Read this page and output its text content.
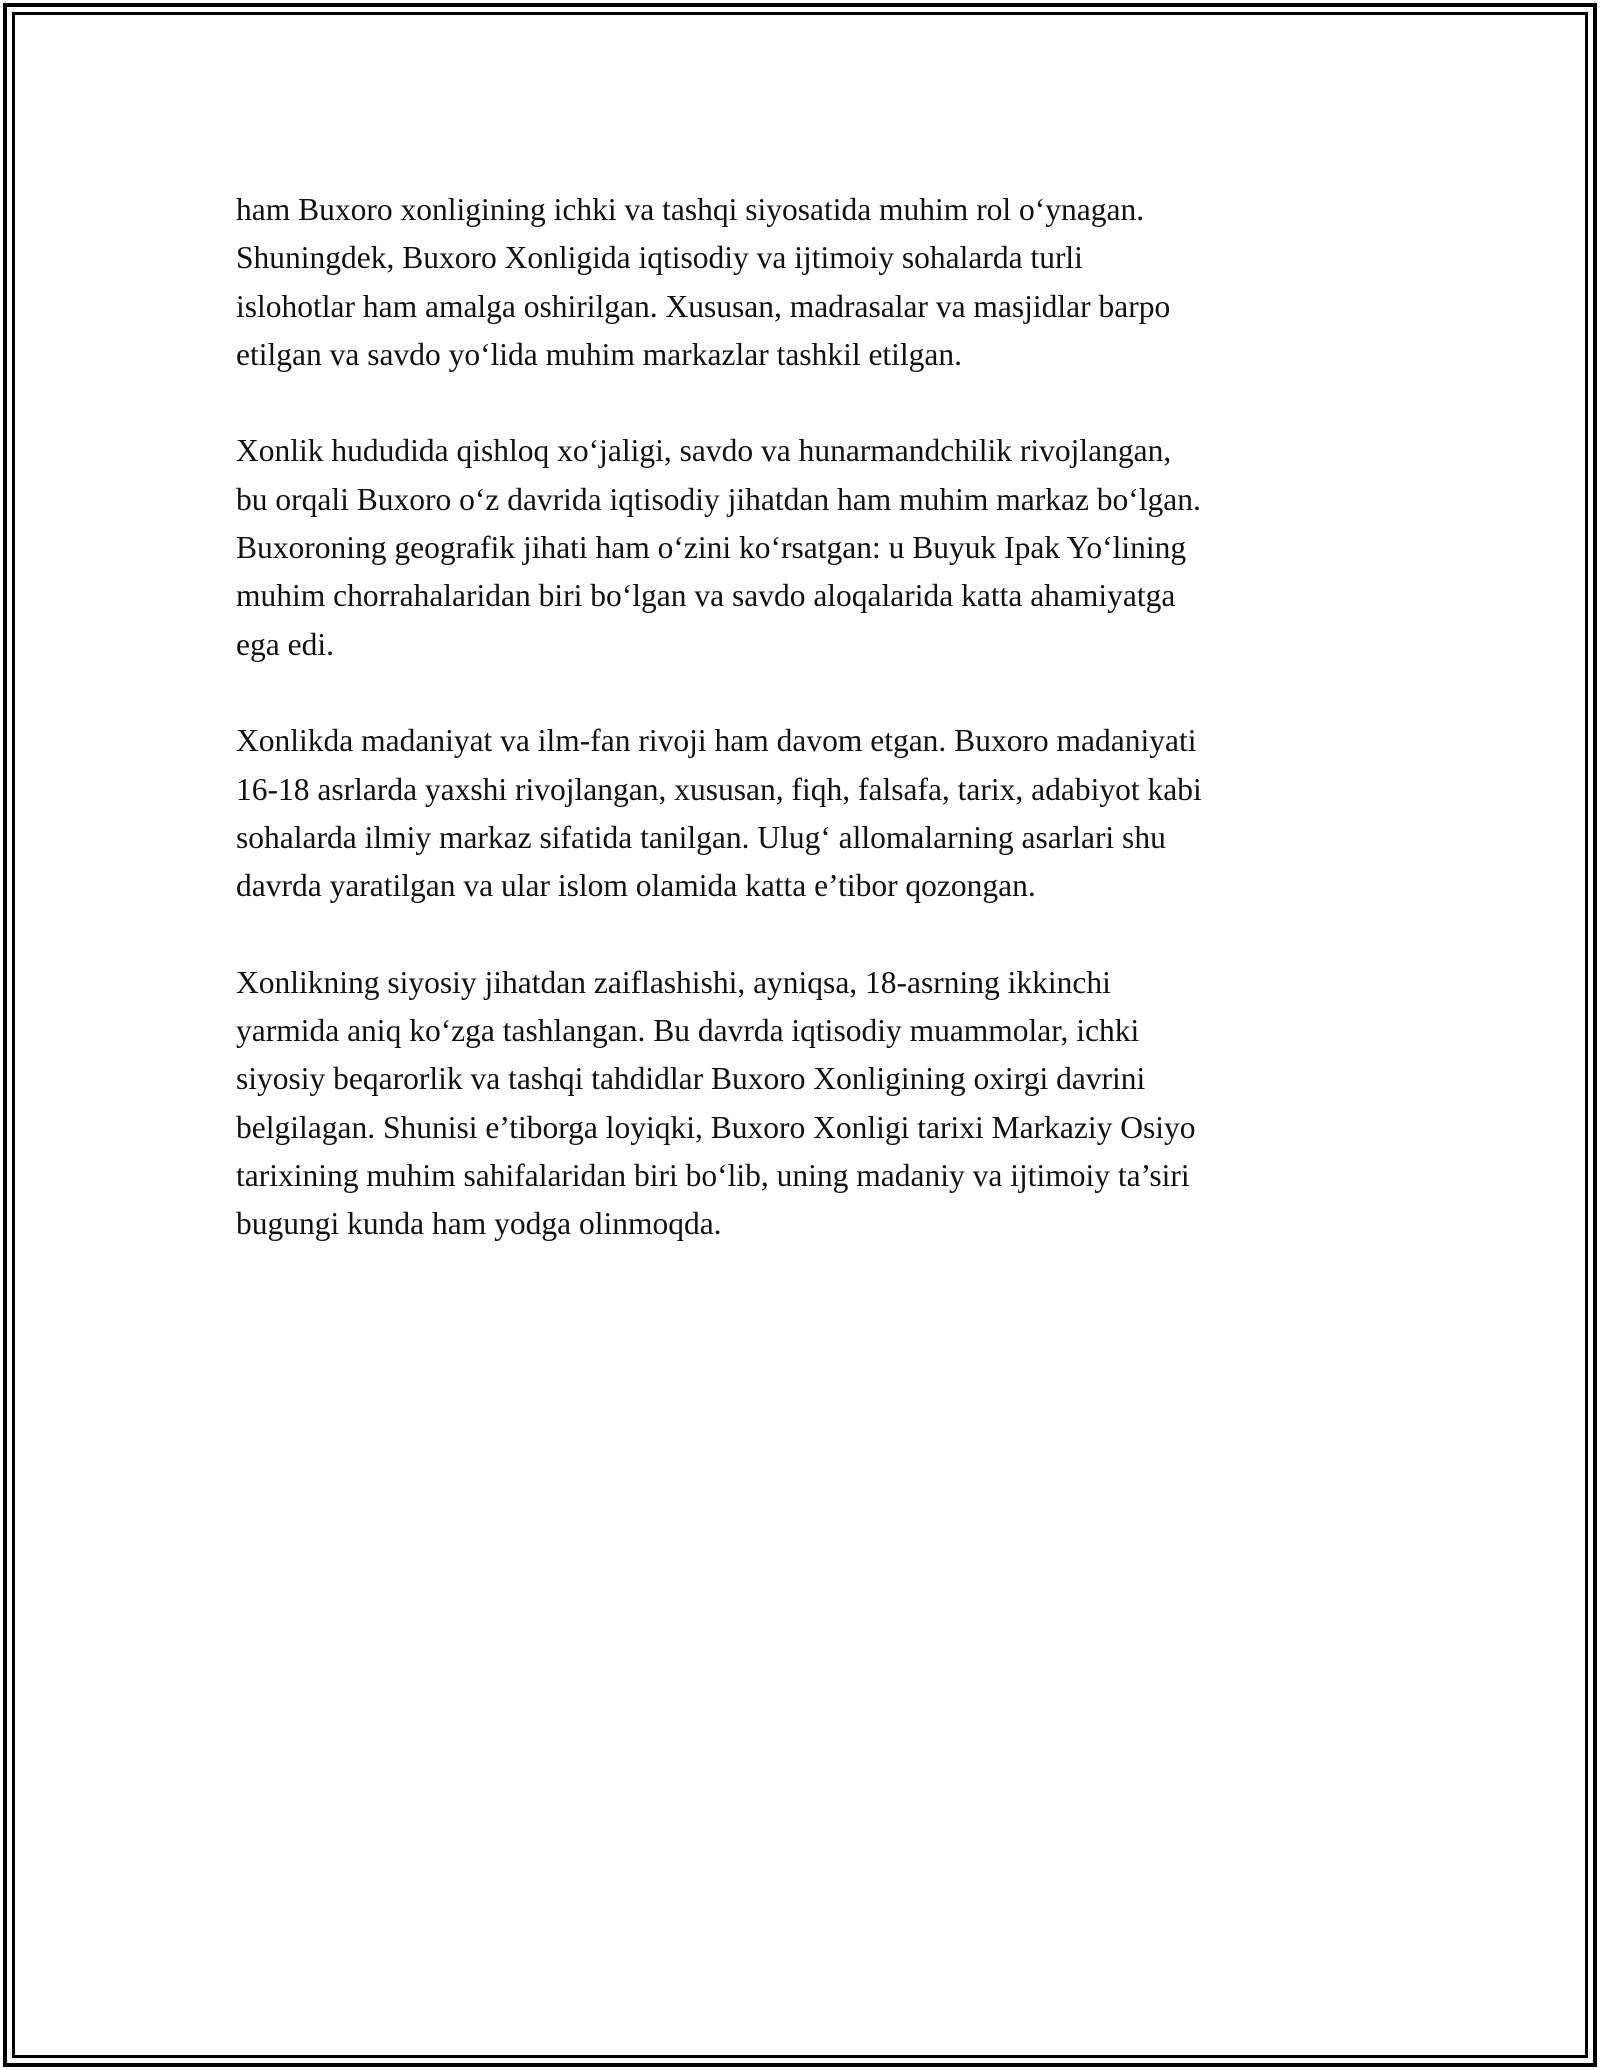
ham Buxoro xonligining ichki va tashqi siyosatida muhim rol o‘ynagan.
Shuningdek, Buxoro Xonligida iqtisodiy va ijtimoiy sohalarda turli
islohotlar ham amalga oshirilgan. Xususan, madrasalar va masjidlar barpo
etilgan va savdo yo‘lida muhim markazlar tashkil etilgan.

Xonlik hududida qishloq xo‘jaligi, savdo va hunarmandchilik rivojlangan,
bu orqali Buxoro o‘z davrida iqtisodiy jihatdan ham muhim markaz bo‘lgan.
Buxoroning geografik jihati ham o‘zini ko‘rsatgan: u Buyuk Ipak Yo‘lining
muhim chorrahalaridan biri bo‘lgan va savdo aloqalarida katta ahamiyatga
ega edi.

Xonlikda madaniyat va ilm-fan rivoji ham davom etgan. Buxoro madaniyati
16-18 asrlarda yaxshi rivojlangan, xususan, fiqh, falsafa, tarix, adabiyot kabi
sohalarda ilmiy markaz sifatida tanilgan. Ulug‘ allomalarning asarlari shu
davrda yaratilgan va ular islom olamida katta e’tibor qozongan.

Xonlikning siyosiy jihatdan zaiflashishi, ayniqsa, 18-asrning ikkinchi
yarmida aniq ko‘zga tashlangan. Bu davrda iqtisodiy muammolar, ichki
siyosiy beqarorlik va tashqi tahdidlar Buxoro Xonligining oxirgi davrini
belgilagan. Shunisi e’tiborga loyiqki, Buxoro Xonligi tarixi Markaziy Osiyo
tarixining muhim sahifalaridan biri bo‘lib, uning madaniy va ijtimoiy ta’siri
bugungi kunda ham yodga olinmoqda.
